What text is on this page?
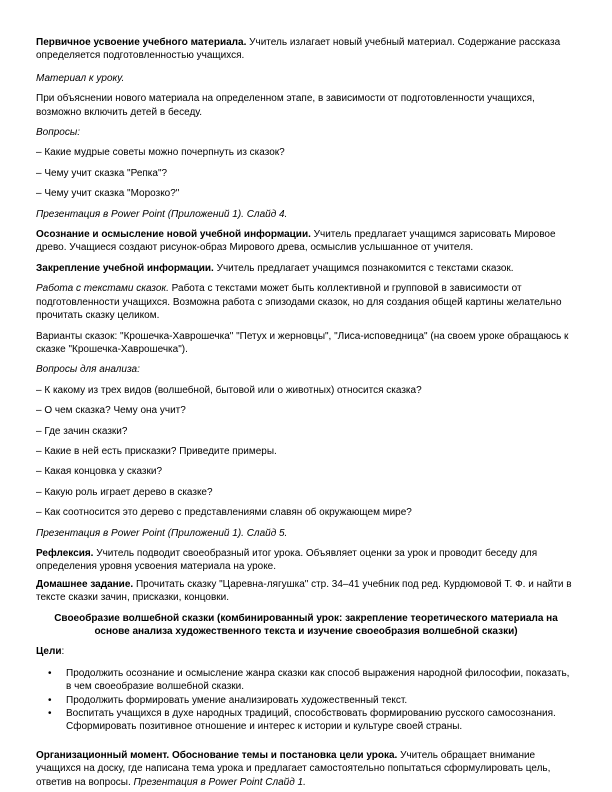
Первичное усвоение учебного материала. Учитель излагает новый учебный материал. Содержание рассказа определяется подготовленностью учащихся.

Материал к уроку.

При объяснении нового материала на определенном этапе, в зависимости от подготовленности учащихся, возможно включить детей в беседу.

Вопросы:

– Какие мудрые советы можно почерпнуть из сказок?

– Чему учит сказка "Репка"?

– Чему учит сказка "Морозко?"

Презентация в Power Point (Приложений 1). Слайд 4.

Осознание и осмысление новой учебной информации. Учитель предлагает учащимся зарисовать Мировое древо. Учащиеся создают рисунок-образ Мирового древа, осмыслив услышанное от учителя.

Закрепление учебной информации. Учитель предлагает учащимся познакомится с текстами сказок.

Работа с текстами сказок. Работа с текстами может быть коллективной и групповой в зависимости от подготовленности учащихся. Возможна работа с эпизодами сказок, но для создания общей картины желательно прочитать сказку целиком.

Варианты сказок: "Крошечка-Хаврошечка" "Петух и жерновцы", "Лиса-исповедница" (на своем уроке обращаюсь к сказке "Крошечка-Хаврошечка").

Вопросы для анализа:

– К какому из трех видов (волшебной, бытовой или о животных) относится сказка?

– О чем сказка? Чему она учит?

– Где зачин сказки?

– Какие в ней есть присказки? Приведите примеры.

– Какая концовка у сказки?

– Какую роль играет дерево в сказке?

– Как соотносится это дерево с представлениями славян об окружающем мире?

Презентация в Power Point (Приложений 1). Слайд 5.

Рефлексия. Учитель подводит своеобразный итог урока. Объявляет оценки за урок и проводит беседу для определения уровня усвоения материала на уроке.

Домашнее задание. Прочитать сказку "Царевна-лягушка" стр. 34–41 учебник под ред. Курдюмовой Т. Ф. и найти в тексте сказки зачин, присказки, концовки.

Своеобразие волшебной сказки (комбинированный урок: закрепление теоретического материала на основе анализа художественного текста и изучение своеобразия волшебной сказки)

Цели:

• Продолжить осознание и осмысление жанра сказки как способ выражения народной философии, показать, в чем своеобразие волшебной сказки.
• Продолжить формировать умение анализировать художественный текст.
• Воспитать учащихся в духе народных традиций, способствовать формированию русского самосознания. Сформировать позитивное отношение и интерес к истории и культуре своей страны.

Организационный момент. Обоснование темы и постановка цели урока. Учитель обращает внимание учащихся на доску, где написана тема урока и предлагает самостоятельно попытаться сформулировать цель, ответив на вопросы. Презентация в Power Point Слайд 1.
